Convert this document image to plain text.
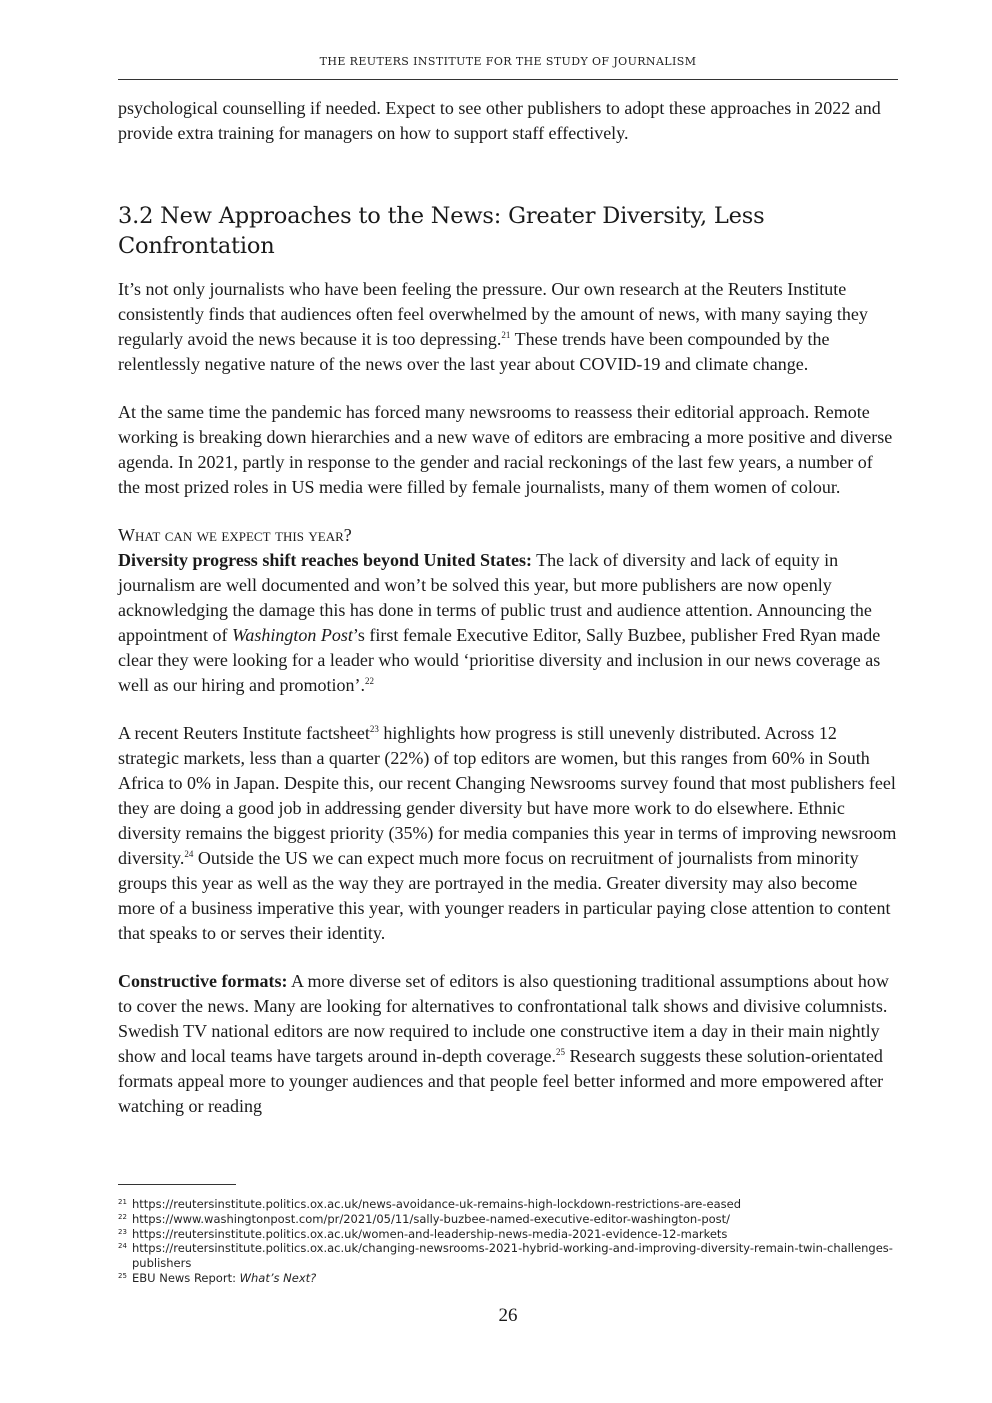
THE REUTERS INSTITUTE FOR THE STUDY OF JOURNALISM

psychological counselling if needed. Expect to see other publishers to adopt these approaches in 2022 and provide extra training for managers on how to support staff effectively.

3.2 New Approaches to the News: Greater Diversity, Less Confrontation

It’s not only journalists who have been feeling the pressure. Our own research at the Reuters Institute consistently finds that audiences often feel overwhelmed by the amount of news, with many saying they regularly avoid the news because it is too depressing.$^{21}$ These trends have been compounded by the relentlessly negative nature of the news over the last year about COVID-19 and climate change.

At the same time the pandemic has forced many newsrooms to reassess their editorial approach. Remote working is breaking down hierarchies and a new wave of editors are embracing a more positive and diverse agenda. In 2021, partly in response to the gender and racial reckonings of the last few years, a number of the most prized roles in US media were filled by female journalists, many of them women of colour.

What can we expect this year?

Diversity progress shift reaches beyond United States: The lack of diversity and lack of equity in journalism are well documented and won’t be solved this year, but more publishers are now openly acknowledging the damage this has done in terms of public trust and audience attention. Announcing the appointment of Washington Post’s first female Executive Editor, Sally Buzbee, publisher Fred Ryan made clear they were looking for a leader who would ‘prioritise diversity and inclusion in our news coverage as well as our hiring and promotion’.$^{22}$

A recent Reuters Institute factsheet$^{23}$ highlights how progress is still unevenly distributed. Across 12 strategic markets, less than a quarter (22%) of top editors are women, but this ranges from 60% in South Africa to 0% in Japan. Despite this, our recent Changing Newsrooms survey found that most publishers feel they are doing a good job in addressing gender diversity but have more work to do elsewhere. Ethnic diversity remains the biggest priority (35%) for media companies this year in terms of improving newsroom diversity.$^{24}$ Outside the US we can expect much more focus on recruitment of journalists from minority groups this year as well as the way they are portrayed in the media. Greater diversity may also become more of a business imperative this year, with younger readers in particular paying close attention to content that speaks to or serves their identity.

Constructive formats: A more diverse set of editors is also questioning traditional assumptions about how to cover the news. Many are looking for alternatives to confrontational talk shows and divisive columnists. Swedish TV national editors are now required to include one constructive item a day in their main nightly show and local teams have targets around in-depth coverage.$^{25}$ Research suggests these solution-orientated formats appeal more to younger audiences and that people feel better informed and more empowered after watching or reading

21 https://reutersinstitute.politics.ox.ac.uk/news-avoidance-uk-remains-high-lockdown-restrictions-are-eased
22 https://www.washingtonpost.com/pr/2021/05/11/sally-buzbee-named-executive-editor-washington-post/
23 https://reutersinstitute.politics.ox.ac.uk/women-and-leadership-news-media-2021-evidence-12-markets
24 https://reutersinstitute.politics.ox.ac.uk/changing-newsrooms-2021-hybrid-working-and-improving-diversity-remain-twin-challenges-publishers
25 EBU News Report: What’s Next?
26
